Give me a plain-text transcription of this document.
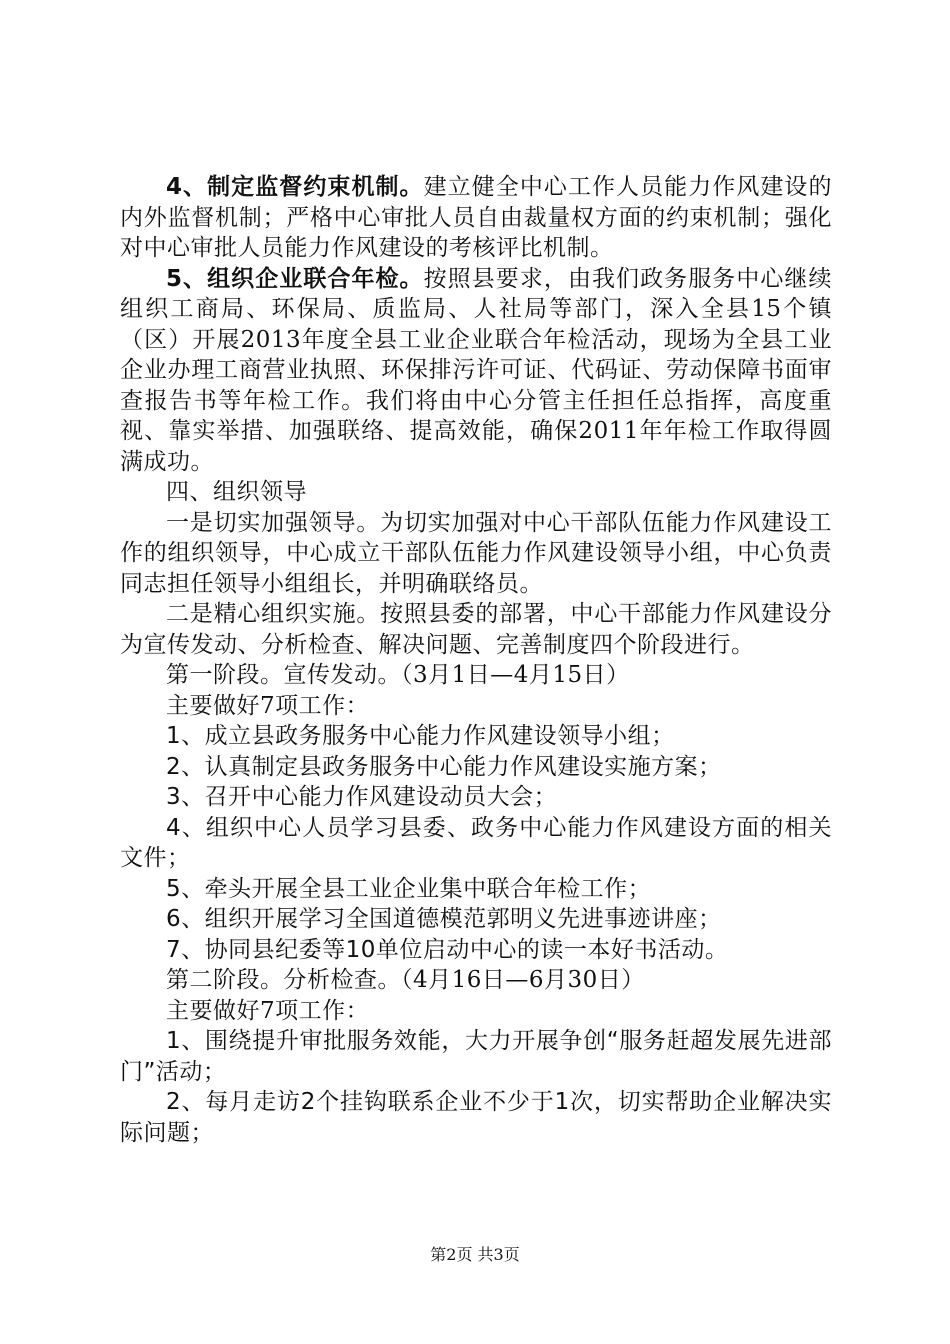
4、制定监督约束机制。建立健全中心工作人员能力作风建设的内外监督机制；严格中心审批人员自由裁量权方面的约束机制；强化对中心审批人员能力作风建设的考核评比机制。

5、组织企业联合年检。按照县要求，由我们政务服务中心继续组织工商局、环保局、质监局、人社局等部门，深入全县15个镇（区）开展2013年度全县工业企业联合年检活动，现场为全县工业企业办理工商营业执照、环保排污许可证、代码证、劳动保障书面审查报告书等年检工作。我们将由中心分管主任担任总指挥，高度重视、靠实举措、加强联络、提高效能，确保2011年年检工作取得圆满成功。

四、组织领导

一是切实加强领导。为切实加强对中心干部队伍能力作风建设工作的组织领导，中心成立干部队伍能力作风建设领导小组，中心负责同志担任领导小组组长，并明确联络员。

二是精心组织实施。按照县委的部署，中心干部能力作风建设分为宣传发动、分析检查、解决问题、完善制度四个阶段进行。

第一阶段。宣传发动。（3月1日—4月15日）

主要做好7项工作：

1、成立县政务服务中心能力作风建设领导小组；

2、认真制定县政务服务中心能力作风建设实施方案；

3、召开中心能力作风建设动员大会；

4、组织中心人员学习县委、政务中心能力作风建设方面的相关文件；

5、牵头开展全县工业企业集中联合年检工作；

6、组织开展学习全国道德模范郭明义先进事迹讲座；

7、协同县纪委等10单位启动中心的读一本好书活动。

第二阶段。分析检查。（4月16日—6月30日）

主要做好7项工作：

1、围绕提升审批服务效能，大力开展争创“服务赶超发展先进部门”活动；

2、每月走访2个挂钩联系企业不少于1次，切实帮助企业解决实际问题；

第2页 共3页
